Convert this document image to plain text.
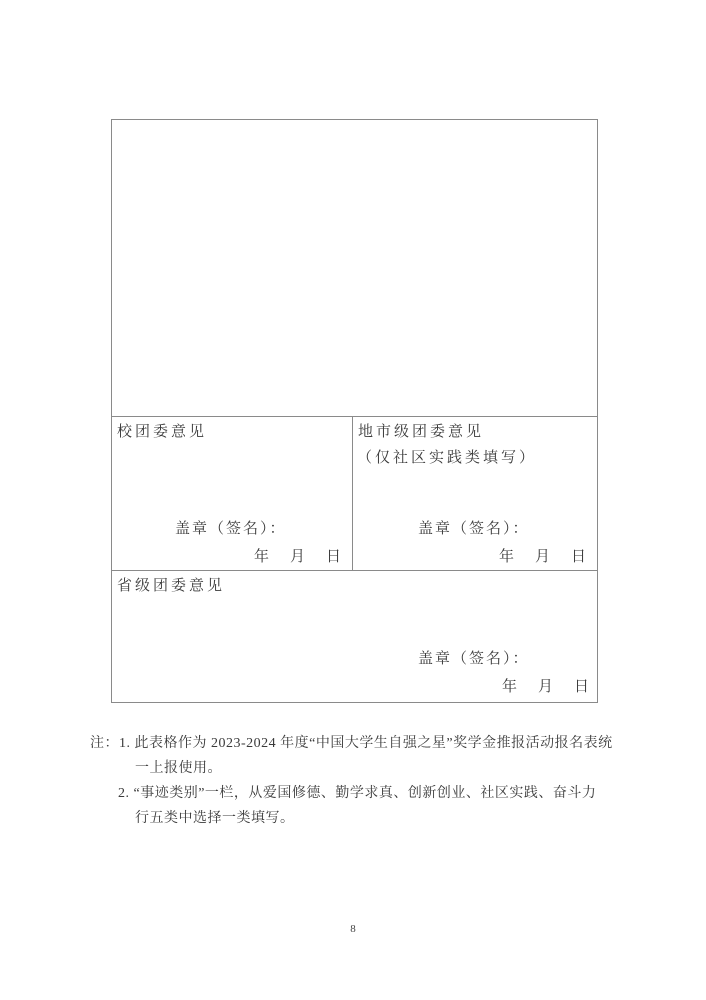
校团委意见
盖章（签名）：
年　月　日
地市级团委意见
（仅社区实践类填写）
盖章（签名）：
年　月　日
省级团委意见
盖章（签名）：
年　月　日
注：1. 此表格作为 2023-2024 年度“中国大学生自强之星”奖学金推报活动报名表统
一上报使用。
2. “事迹类别”一栏，从爱国修德、勤学求真、创新创业、社区实践、奋斗力
行五类中选择一类填写。
8
